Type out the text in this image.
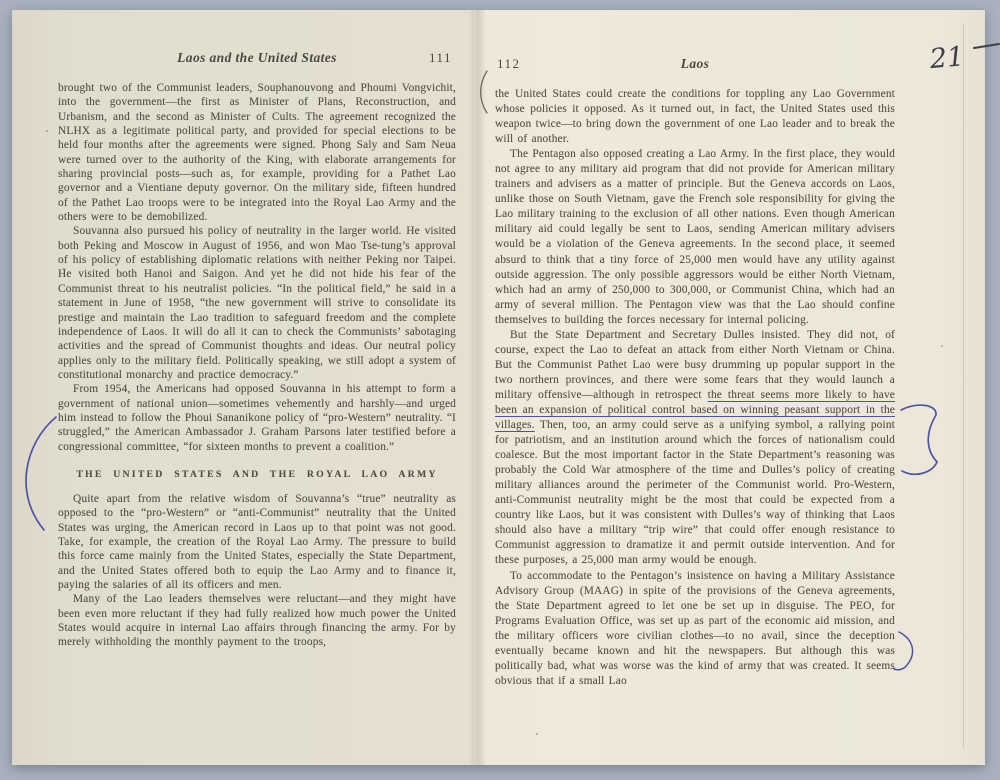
Laos and the United States	111

brought two of the Communist leaders, Souphanouvong and Phoumi Vongvichit, into the government—the first as Minister of Plans, Reconstruction, and Urbanism, and the second as Minister of Cults. The agreement recognized the NLHX as a legitimate political party, and provided for special elections to be held four months after the agreements were signed. Phong Saly and Sam Neua were turned over to the authority of the King, with elaborate arrangements for sharing provincial posts—such as, for example, providing for a Pathet Lao governor and a Vientiane deputy governor. On the military side, fifteen hundred of the Pathet Lao troops were to be integrated into the Royal Lao Army and the others were to be demobilized.

Souvanna also pursued his policy of neutrality in the larger world. He visited both Peking and Moscow in August of 1956, and won Mao Tse-tung’s approval of his policy of establishing diplomatic relations with neither Peking nor Taipei. He visited both Hanoi and Saigon. And yet he did not hide his fear of the Communist threat to his neutralist policies. “In the political field,” he said in a statement in June of 1958, “the new government will strive to consolidate its prestige and maintain the Lao tradition to safeguard freedom and the complete independence of Laos. It will do all it can to check the Communists’ sabotaging activities and the spread of Communist thoughts and ideas. Our neutral policy applies only to the military field. Politically speaking, we still adopt a system of constitutional monarchy and practice democracy.”

From 1954, the Americans had opposed Souvanna in his attempt to form a government of national union—sometimes vehemently and harshly—and urged him instead to follow the Phoui Sananikone policy of “pro-Western” neutrality. “I struggled,” the American Ambassador J. Graham Parsons later testified before a congressional committee, “for sixteen months to prevent a coalition.”

THE UNITED STATES AND THE ROYAL LAO ARMY

Quite apart from the relative wisdom of Souvanna’s “true” neutrality as opposed to the “pro-Western” or “anti-Communist” neutrality that the United States was urging, the American record in Laos up to that point was not good. Take, for example, the creation of the Royal Lao Army. The pressure to build this force came mainly from the United States, especially the State Department, and the United States offered both to equip the Lao Army and to finance it, paying the salaries of all its officers and men.

Many of the Lao leaders themselves were reluctant—and they might have been even more reluctant if they had fully realized how much power the United States would acquire in internal Lao affairs through financing the army. For by merely withholding the monthly payment to the troops,

112	Laos

the United States could create the conditions for toppling any Lao Government whose policies it opposed. As it turned out, in fact, the United States used this weapon twice—to bring down the government of one Lao leader and to break the will of another.

The Pentagon also opposed creating a Lao Army. In the first place, they would not agree to any military aid program that did not provide for American military trainers and advisers as a matter of principle. But the Geneva accords on Laos, unlike those on South Vietnam, gave the French sole responsibility for giving the Lao military training to the exclusion of all other nations. Even though American military aid could legally be sent to Laos, sending American military advisers would be a violation of the Geneva agreements. In the second place, it seemed absurd to think that a tiny force of 25,000 men would have any utility against outside aggression. The only possible aggressors would be either North Vietnam, which had an army of 250,000 to 300,000, or Communist China, which had an army of several million. The Pentagon view was that the Lao should confine themselves to building the forces necessary for internal policing.

But the State Department and Secretary Dulles insisted. They did not, of course, expect the Lao to defeat an attack from either North Vietnam or China. But the Communist Pathet Lao were busy drumming up popular support in the two northern provinces, and there were some fears that they would launch a military offensive—although in retrospect the threat seems more likely to have been an expansion of political control based on winning peasant support in the villages. Then, too, an army could serve as a unifying symbol, a rallying point for patriotism, and an institution around which the forces of nationalism could coalesce. But the most important factor in the State Department’s reasoning was probably the Cold War atmosphere of the time and Dulles’s policy of creating military alliances around the perimeter of the Communist world. Pro-Western, anti-Communist neutrality might be the most that could be expected from a country like Laos, but it was consistent with Dulles’s way of thinking that Laos should also have a military “trip wire” that could offer enough resistance to Communist aggression to dramatize it and permit outside intervention. And for these purposes, a 25,000 man army would be enough.

To accommodate to the Pentagon’s insistence on having a Military Assistance Advisory Group (MAAG) in spite of the provisions of the Geneva agreements, the State Department agreed to let one be set up in disguise. The PEO, for Programs Evaluation Office, was set up as part of the economic aid mission, and the military officers wore civilian clothes—to no avail, since the deception eventually became known and hit the newspapers. But although this was politically bad, what was worse was the kind of army that was created. It seems obvious that if a small Lao

21
